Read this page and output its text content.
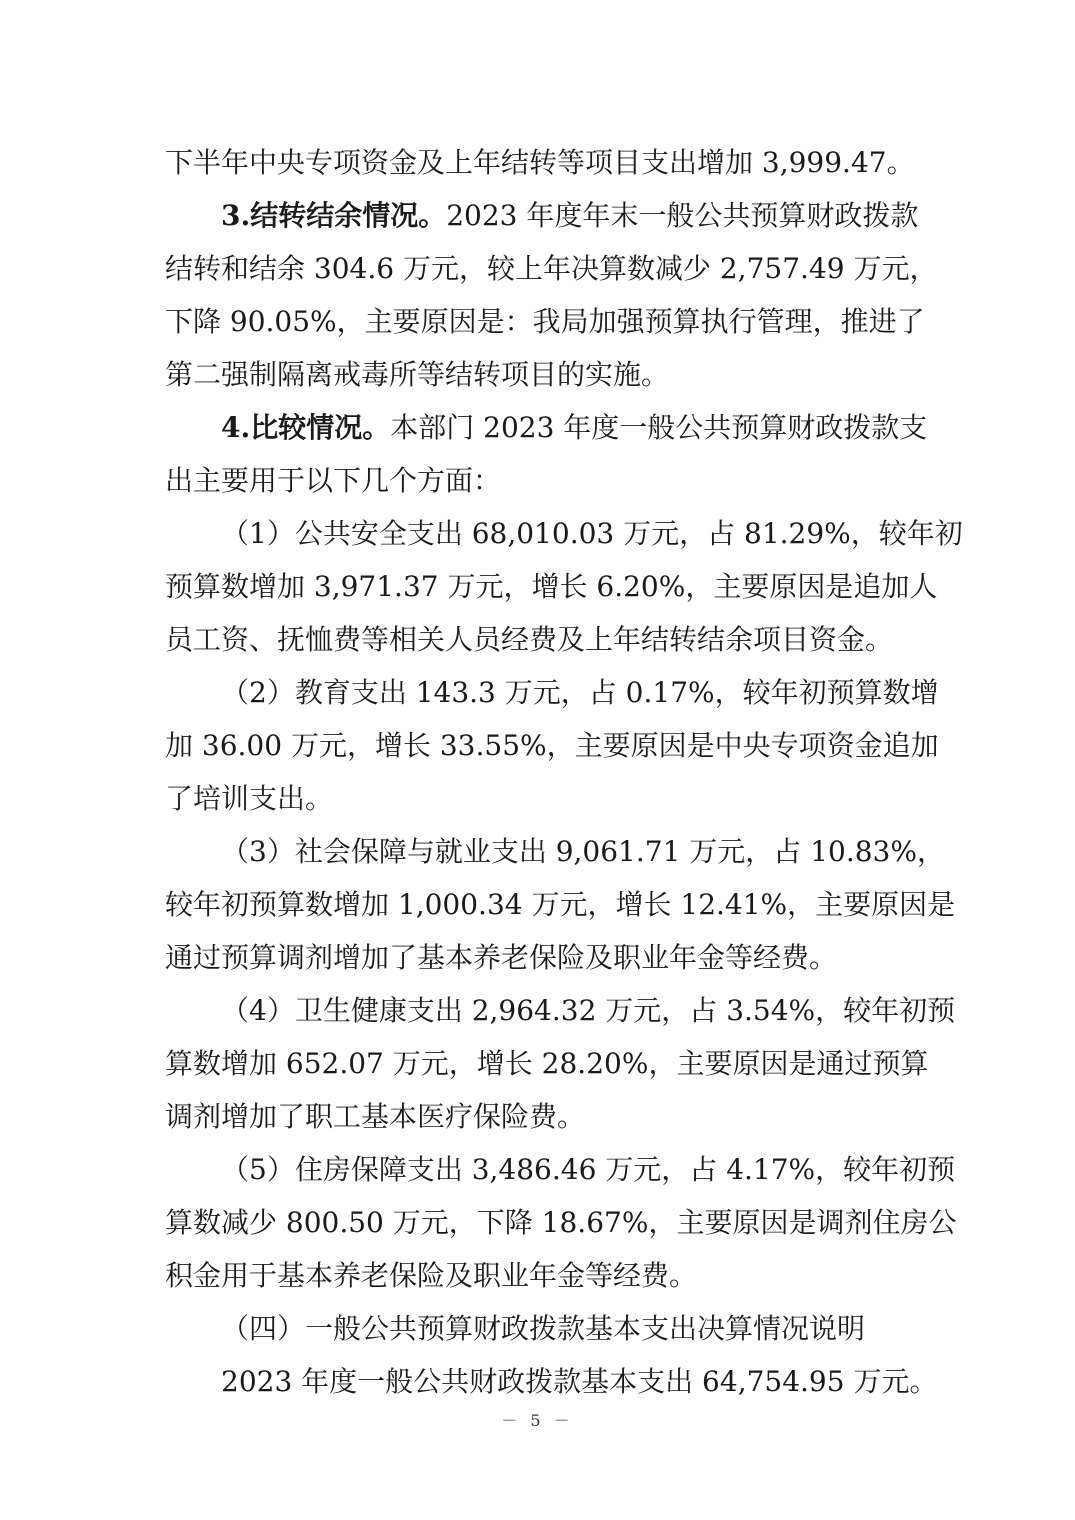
下半年中央专项资金及上年结转等项目支出增加 3,999.47。
3.结转结余情况。2023 年度年末一般公共预算财政拨款
结转和结余 304.6 万元，较上年决算数减少 2,757.49 万元，
下降 90.05%，主要原因是：我局加强预算执行管理，推进了
第二强制隔离戒毒所等结转项目的实施。
4.比较情况。本部门 2023 年度一般公共预算财政拨款支
出主要用于以下几个方面：
（1）公共安全支出 68,010.03 万元，占 81.29%，较年初
预算数增加 3,971.37 万元，增长 6.20%，主要原因是追加人
员工资、抚恤费等相关人员经费及上年结转结余项目资金。
（2）教育支出 143.3 万元，占 0.17%，较年初预算数增
加 36.00 万元，增长 33.55%，主要原因是中央专项资金追加
了培训支出。
（3）社会保障与就业支出 9,061.71 万元，占 10.83%，
较年初预算数增加 1,000.34 万元，增长 12.41%，主要原因是
通过预算调剂增加了基本养老保险及职业年金等经费。
（4）卫生健康支出 2,964.32 万元，占 3.54%，较年初预
算数增加 652.07 万元，增长 28.20%，主要原因是通过预算
调剂增加了职工基本医疗保险费。
（5）住房保障支出 3,486.46 万元，占 4.17%，较年初预
算数减少 800.50 万元，下降 18.67%，主要原因是调剂住房公
积金用于基本养老保险及职业年金等经费。
（四）一般公共预算财政拨款基本支出决算情况说明
2023 年度一般公共财政拨款基本支出 64,754.95 万元。
－ 5 －
